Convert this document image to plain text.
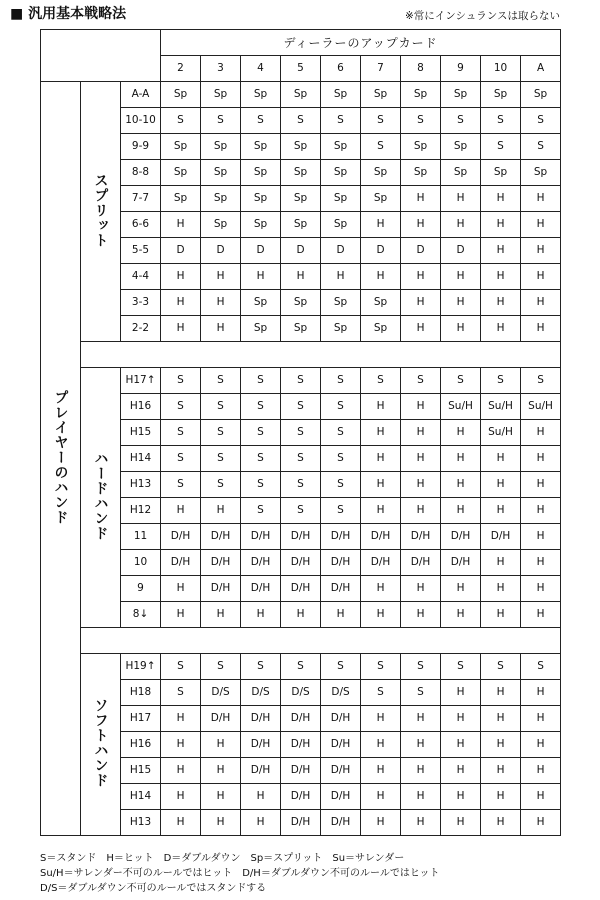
■ 汎用基本戦略法	※常にインシュランスは取らない
			ディーラーのアップカード									
			2	3	4	5	6	7	8	9	10	A
プレイヤーのハンド	スプリット	A-A	Sp	Sp	Sp	Sp	Sp	Sp	Sp	Sp	Sp	Sp
		10-10	S	S	S	S	S	S	S	S	S	S
		9-9	Sp	Sp	Sp	Sp	Sp	S	Sp	Sp	S	S
		8-8	Sp	Sp	Sp	Sp	Sp	Sp	Sp	Sp	Sp	Sp
		7-7	Sp	Sp	Sp	Sp	Sp	Sp	H	H	H	H
		6-6	H	Sp	Sp	Sp	Sp	H	H	H	H	H
		5-5	D	D	D	D	D	D	D	D	H	H
		4-4	H	H	H	H	H	H	H	H	H	H
		3-3	H	H	Sp	Sp	Sp	Sp	H	H	H	H
		2-2	H	H	Sp	Sp	Sp	Sp	H	H	H	H

	ハードハンド	H17↑	S	S	S	S	S	S	S	S	S	S
		H16	S	S	S	S	S	H	H	Su/H	Su/H	Su/H
		H15	S	S	S	S	S	H	H	H	Su/H	H
		H14	S	S	S	S	S	H	H	H	H	H
		H13	S	S	S	S	S	H	H	H	H	H
		H12	H	H	S	S	S	H	H	H	H	H
		11	D/H	D/H	D/H	D/H	D/H	D/H	D/H	D/H	D/H	H
		10	D/H	D/H	D/H	D/H	D/H	D/H	D/H	D/H	H	H
		9	H	D/H	D/H	D/H	D/H	H	H	H	H	H
		8↓	H	H	H	H	H	H	H	H	H	H

	ソフトハンド	H19↑	S	S	S	S	S	S	S	S	S	S
		H18	S	D/S	D/S	D/S	D/S	S	S	H	H	H
		H17	H	D/H	D/H	D/H	D/H	H	H	H	H	H
		H16	H	H	D/H	D/H	D/H	H	H	H	H	H
		H15	H	H	D/H	D/H	D/H	H	H	H	H	H
		H14	H	H	H	D/H	D/H	H	H	H	H	H
		H13	H	H	H	D/H	D/H	H	H	H	H	H
S＝スタンド　H＝ヒット　D＝ダブルダウン　Sp＝スプリット　Su＝サレンダー
Su/H＝サレンダー不可のルールではヒット　D/H＝ダブルダウン不可のルールではヒット
D/S＝ダブルダウン不可のルールではスタンドする
